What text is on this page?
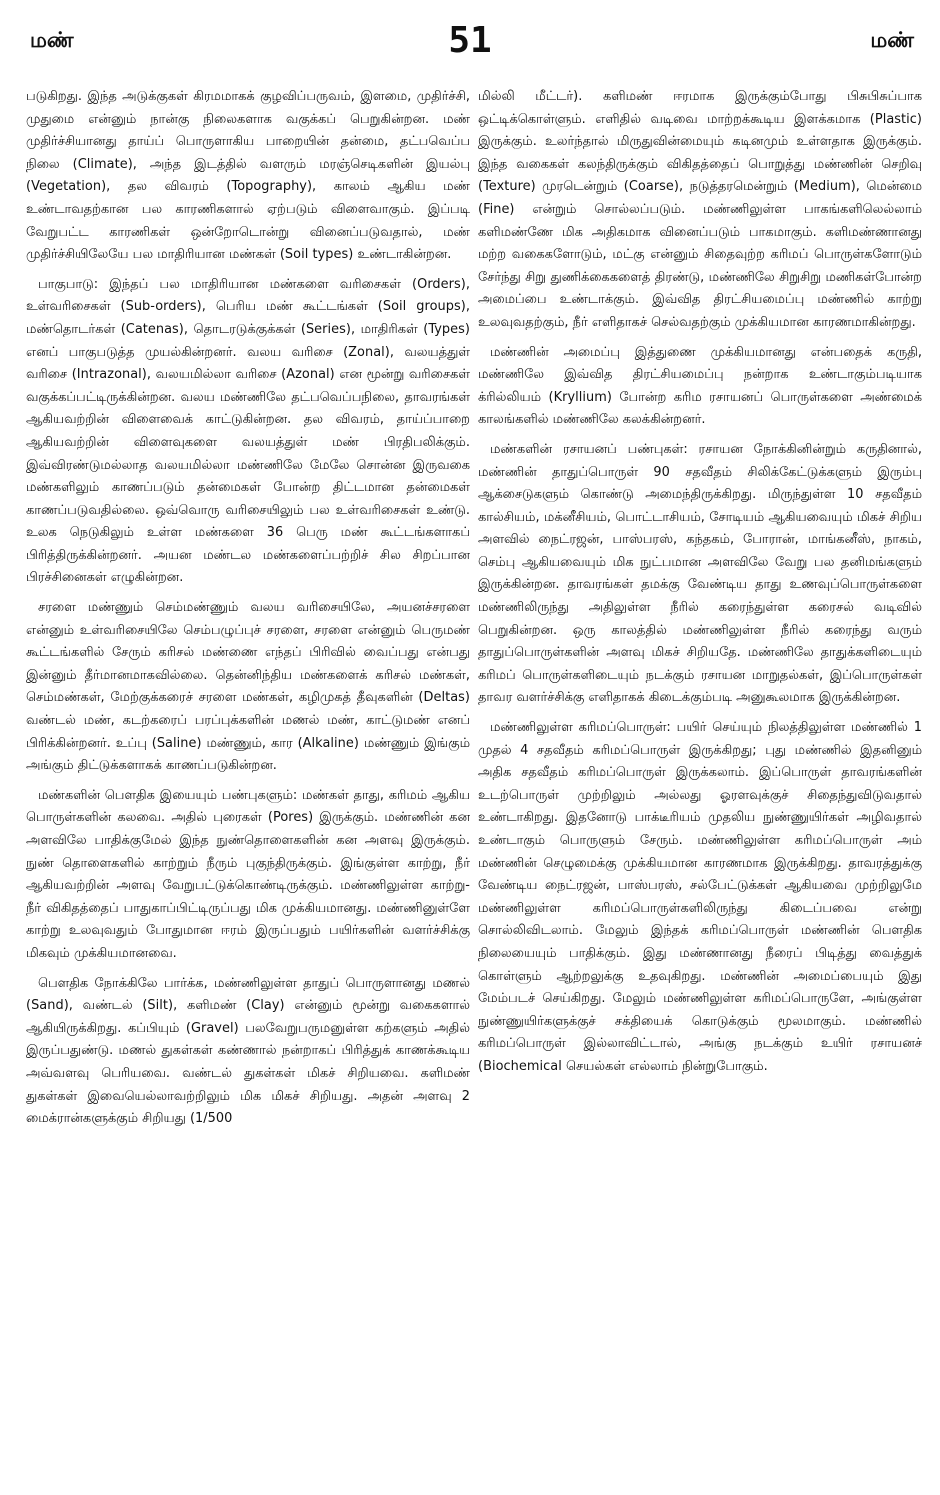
மண்	51	மண்

படுகிறது. இந்த அடுக்குகள் கிரமமாகக் குழவிப்பருவம், இளமை, முதிர்ச்சி, முதுமை என்னும் நான்கு நிலைகளாக வகுக்கப் பெறுகின்றன. மண் முதிர்ச்சியானது தாய்ப் பொருளாகிய பாறையின் தன்மை, தட்பவெப்ப நிலை (Climate), அந்த இடத்தில் வளரும் மரஞ்செடிகளின் இயல்பு (Vegetation), தல விவரம் (Topography), காலம் ஆகிய மண் உண்டாவதற்கான பல காரணிகளால் ஏற்படும் விளைவாகும். இப்படி வேறுபட்ட காரணிகள் ஒன்றோடொன்று வினைப்படுவதால், மண் முதிர்ச்சியிலேயே பல மாதிரியான மண்கள் (Soil types) உண்டாகின்றன.

பாகுபாடு: இந்தப் பல மாதிரியான மண்களை வரிசைகள் (Orders), உள்வரிசைகள் (Sub-orders), பெரிய மண் கூட்டங்கள் (Soil groups), மண்தொடர்கள் (Catenas), தொடரடுக்குக்கள் (Series), மாதிரிகள் (Types) எனப் பாகுபடுத்த முயல்கின்றனர். வலய வரிசை (Zonal), வலயத்துள் வரிசை (Intrazonal), வலயமில்லா வரிசை (Azonal) என மூன்று வரிசைகள் வகுக்கப்பட்டிருக்கின்றன. வலய மண்ணிலே தட்பவெப்பநிலை, தாவரங்கள் ஆகியவற்றின் விளைவைக் காட்டுகின்றன. தல விவரம், தாய்ப்பாறை ஆகியவற்றின் விளைவுகளை வலயத்துள் மண் பிரதிபலிக்கும். இவ்விரண்டுமல்லாத வலயமில்லா மண்ணிலே மேலே சொன்ன இருவகை மண்களிலும் காணப்படும் தன்மைகள் போன்ற திட்டமான தன்மைகள் காணப்படுவதில்லை. ஒவ்வொரு வரிசையிலும் பல உள்வரிசைகள் உண்டு. உலக நெடுகிலும் உள்ள மண்களை 36 பெரு மண் கூட்டங்களாகப் பிரித்திருக்கின்றனர். அயன மண்டல மண்களைப்பற்றிச் சில சிறப்பான பிரச்சினைகள் எழுகின்றன.

சரளை மண்ணும் செம்மண்ணும் வலய வரிசையிலே, அயனச்சரளை என்னும் உள்வரிசையிலே செம்பழுப்புச் சரளை, சரளை என்னும் பெருமண் கூட்டங்களில் சேரும் கரிசல் மண்ணை எந்தப் பிரிவில் வைப்பது என்பது இன்னும் தீர்மானமாகவில்லை. தென்னிந்திய மண்களைக் கரிசல் மண்கள், செம்மண்கள், மேற்குக்கரைச் சரளை மண்கள், கழிமுகத் தீவுகளின் (Deltas) வண்டல் மண், கடற்கரைப் பரப்புக்களின் மணல் மண், காட்டுமண் எனப் பிரிக்கின்றனர். உப்பு (Saline) மண்ணும், கார (Alkaline) மண்ணும் இங்கும் அங்கும் திட்டுக்களாகக் காணப்படுகின்றன.

மண்களின் பௌதிக இயையும் பண்புகளும்: மண்கள் தாது, கரிமம் ஆகிய பொருள்களின் கலவை. அதில் புரைகள் (Pores) இருக்கும். மண்ணின் கன அளவிலே பாதிக்குமேல் இந்த நுண்தொளைகளின் கன அளவு இருக்கும். நுண் தொளைகளில் காற்றும் நீரும் புகுந்திருக்கும். இங்குள்ள காற்று, நீர் ஆகியவற்றின் அளவு வேறுபட்டுக்கொண்டிருக்கும். மண்ணிலுள்ள காற்று-நீர் விகிதத்தைப் பாதுகாப்பிட்டிருப்பது மிக முக்கியமானது. மண்ணினுள்ளே காற்று உலவுவதும் போதுமான ஈரம் இருப்பதும் பயிர்களின் வளர்ச்சிக்கு மிகவும் முக்கியமானவை.

பௌதிக நோக்கிலே பார்க்க, மண்ணிலுள்ள தாதுப் பொருளானது மணல் (Sand), வண்டல் (Silt), களிமண் (Clay) என்னும் மூன்று வகைகளால் ஆகியிருக்கிறது. கப்பியும் (Gravel) பலவேறுபருமனுள்ள கற்களும் அதில் இருப்பதுண்டு. மணல் துகள்கள் கண்ணால் நன்றாகப் பிரித்துக் காணக்கூடிய அவ்வளவு பெரியவை. வண்டல் துகள்கள் மிகச் சிறியவை. களிமண் துகள்கள் இவையெல்லாவற்றிலும் மிக மிகச் சிறியது. அதன் அளவு 2 மைக்ரான்களுக்கும் சிறியது (1/500

மில்லி மீட்டர்). களிமண் ஈரமாக இருக்கும்போது பிசுபிசுப்பாக ஒட்டிக்கொள்ளும். எளிதில் வடிவை மாற்றக்கூடிய இளக்கமாக (Plastic) இருக்கும். உலர்ந்தால் மிருதுவின்மையும் கடினமும் உள்ளதாக இருக்கும். இந்த வகைகள் கலந்திருக்கும் விகிதத்தைப் பொறுத்து மண்ணின் செறிவு (Texture) முரடென்றும் (Coarse), நடுத்தரமென்றும் (Medium), மென்மை (Fine) என்றும் சொல்லப்படும். மண்ணிலுள்ள பாகங்களிலெல்லாம் களிமண்ணே மிக அதிகமாக வினைப்படும் பாகமாகும். களிமண்ணானது மற்ற வகைகளோடும், மட்கு என்னும் சிதைவுற்ற கரிமப் பொருள்களோடும் சேர்ந்து சிறு துணிக்கைகளைத் திரண்டு, மண்ணிலே சிறுசிறு மணிகள்போன்ற அமைப்பை உண்டாக்கும். இவ்வித திரட்சியமைப்பு மண்ணில் காற்று உலவுவதற்கும், நீர் எளிதாகச் செல்வதற்கும் முக்கியமான காரணமாகின்றது.

மண்ணின் அமைப்பு இத்துணை முக்கியமானது என்பதைக் கருதி, மண்ணிலே இவ்வித திரட்சியமைப்பு நன்றாக உண்டாகும்படியாக க்ரில்லியம் (Kryllium) போன்ற கரிம ரசாயனப் பொருள்களை அண்மைக் காலங்களில் மண்ணிலே கலக்கின்றனர்.

மண்களின் ரசாயனப் பண்புகள்: ரசாயன நோக்கினின்றும் கருதினால், மண்ணின் தாதுப்பொருள் 90 சதவீதம் சிலிக்கேட்டுக்களும் இரும்பு ஆக்சைடுகளும் கொண்டு அமைந்திருக்கிறது. மிருந்துள்ள 10 சதவீதம் கால்சியம், மக்னீசியம், பொட்டாசியம், சோடியம் ஆகியவையும் மிகச் சிறிய அளவில் நைட்ரஜன், பாஸ்பரஸ், கந்தகம், போரான், மாங்கனீஸ், நாகம், செம்பு ஆகியவையும் மிக நுட்பமான அளவிலே வேறு பல தனிமங்களும் இருக்கின்றன. தாவரங்கள் தமக்கு வேண்டிய தாது உணவுப்பொருள்களை மண்ணிலிருந்து அதிலுள்ள நீரில் கரைந்துள்ள கரைசல் வடிவில் பெறுகின்றன. ஒரு காலத்தில் மண்ணிலுள்ள நீரில் கரைந்து வரும் தாதுப்பொருள்களின் அளவு மிகச் சிறியதே. மண்ணிலே தாதுக்களிடையும் கரிமப் பொருள்களிடையும் நடக்கும் ரசாயன மாறுதல்கள், இப்பொருள்கள் தாவர வளர்ச்சிக்கு எளிதாகக் கிடைக்கும்படி அனுகூலமாக இருக்கின்றன.

மண்ணிலுள்ள கரிமப்பொருள்: பயிர் செய்யும் நிலத்திலுள்ள மண்ணில் 1 முதல் 4 சதவீதம் கரிமப்பொருள் இருக்கிறது; புது மண்ணில் இதனினும் அதிக சதவீதம் கரிமப்பொருள் இருக்கலாம். இப்பொருள் தாவரங்களின் உடற்பொருள் முற்றிலும் அல்லது ஓரளவுக்குச் சிதைந்துவிடுவதால் உண்டாகிறது. இதனோடு பாக்டீரியம் முதலிய நுண்ணுயிர்கள் அழிவதால் உண்டாகும் பொருளும் சேரும். மண்ணிலுள்ள கரிமப்பொருள் அம் மண்ணின் செழுமைக்கு முக்கியமான காரணமாக இருக்கிறது. தாவரத்துக்கு வேண்டிய நைட்ரஜன், பாஸ்பரஸ், சல்பேட்டுக்கள் ஆகியவை முற்றிலுமே மண்ணிலுள்ள கரிமப்பொருள்களிலிருந்து கிடைப்பவை என்று சொல்லிவிடலாம். மேலும் இந்தக் கரிமப்பொருள் மண்ணின் பௌதிக நிலையையும் பாதிக்கும். இது மண்ணானது நீரைப் பிடித்து வைத்துக் கொள்ளும் ஆற்றலுக்கு உதவுகிறது. மண்ணின் அமைப்பையும் இது மேம்படச் செய்கிறது. மேலும் மண்ணிலுள்ள கரிமப்பொருளே, அங்குள்ள நுண்ணுயிர்களுக்குச் சக்தியைக் கொடுக்கும் மூலமாகும். மண்ணில் கரிமப்பொருள் இல்லாவிட்டால், அங்கு நடக்கும் உயிர் ரசாயனச் (Biochemical செயல்கள் எல்லாம் நின்றுபோகும்.
